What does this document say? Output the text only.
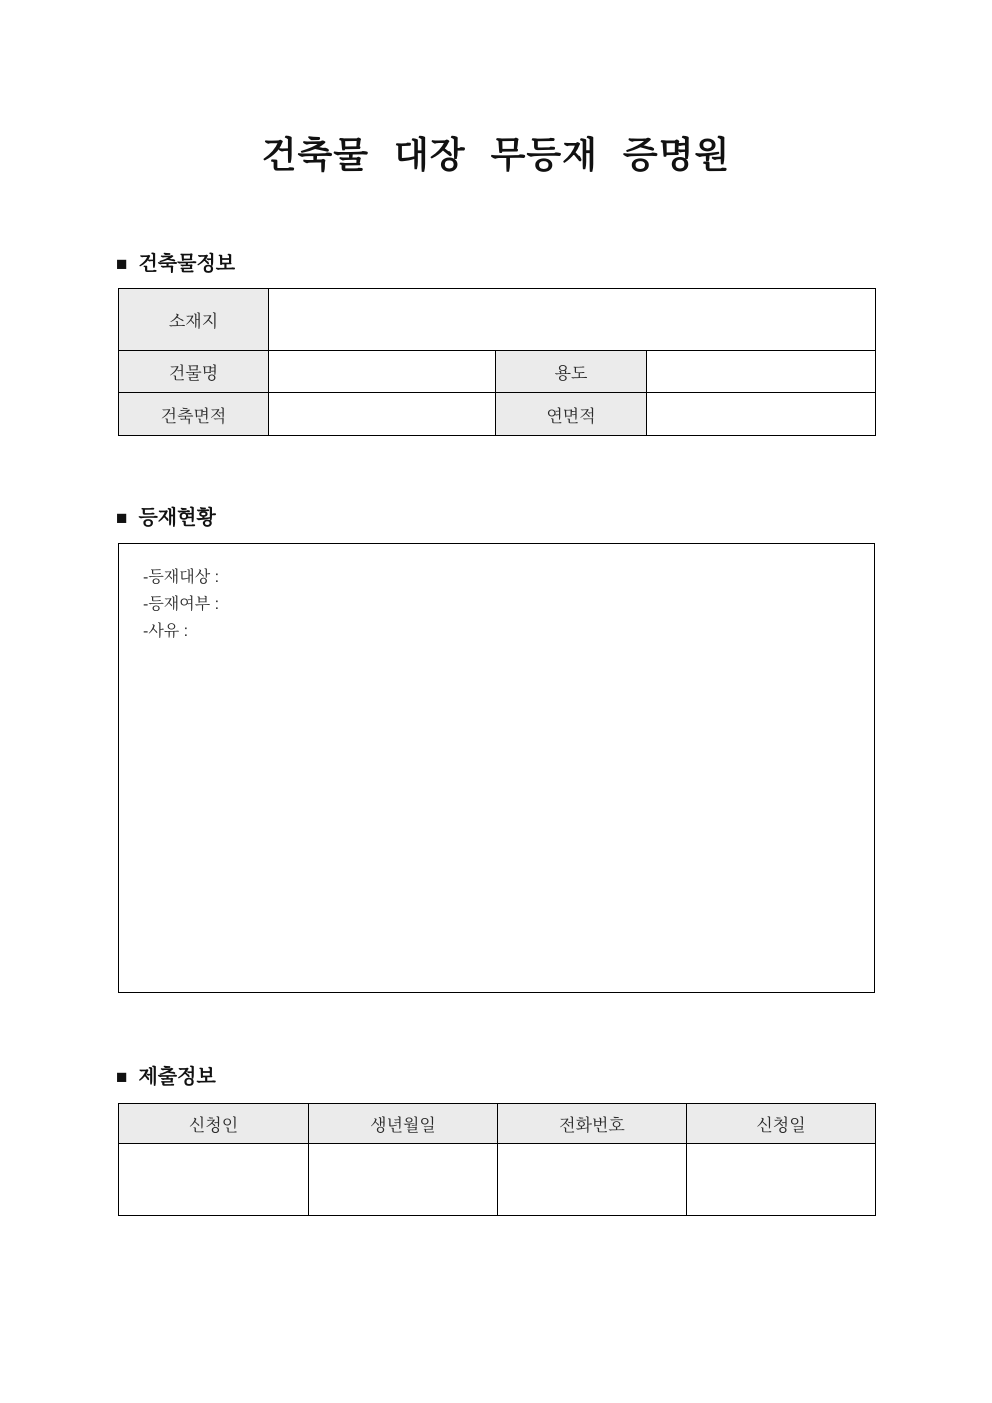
건축물 대장 무등재 증명원
■ 건축물정보
소재지			
건물명		용도	
건축면적		연면적	
■ 등재현황
-등재대상 :
-등재여부 :
-사유 :
■ 제출정보
신청인	생년월일	전화번호	신청일
